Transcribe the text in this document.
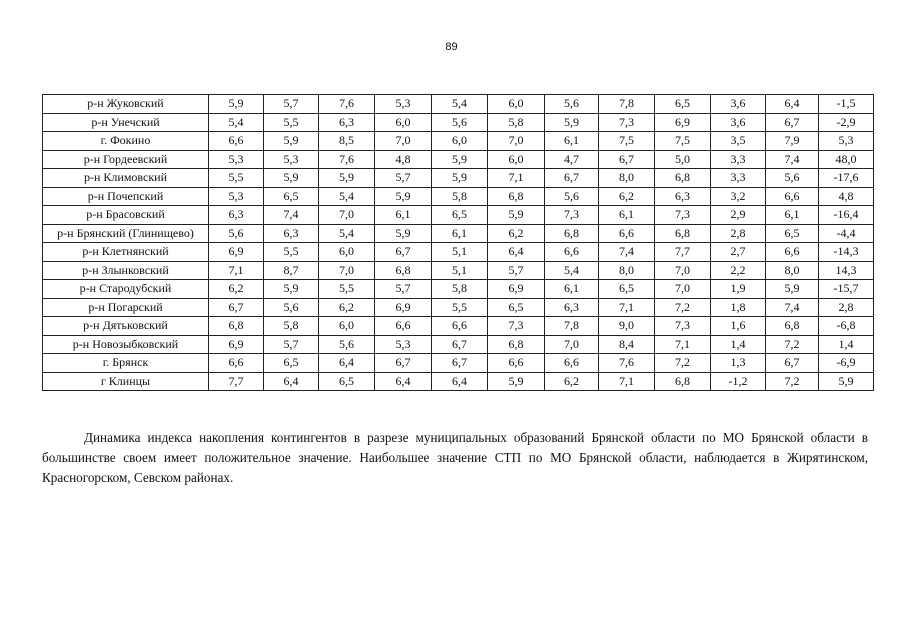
89
р-н Жуковский	5,9	5,7	7,6	5,3	5,4	6,0	5,6	7,8	6,5	3,6	6,4	-1,5
р-н Унечский	5,4	5,5	6,3	6,0	5,6	5,8	5,9	7,3	6,9	3,6	6,7	-2,9
г. Фокино	6,6	5,9	8,5	7,0	6,0	7,0	6,1	7,5	7,5	3,5	7,9	5,3
р-н Гордеевский	5,3	5,3	7,6	4,8	5,9	6,0	4,7	6,7	5,0	3,3	7,4	48,0
р-н Климовский	5,5	5,9	5,9	5,7	5,9	7,1	6,7	8,0	6,8	3,3	5,6	-17,6
р-н Почепский	5,3	6,5	5,4	5,9	5,8	6,8	5,6	6,2	6,3	3,2	6,6	4,8
р-н Брасовский	6,3	7,4	7,0	6,1	6,5	5,9	7,3	6,1	7,3	2,9	6,1	-16,4
р-н Брянский (Глинищево)	5,6	6,3	5,4	5,9	6,1	6,2	6,8	6,6	6,8	2,8	6,5	-4,4
р-н Клетнянский	6,9	5,5	6,0	6,7	5,1	6,4	6,6	7,4	7,7	2,7	6,6	-14,3
р-н Злынковский	7,1	8,7	7,0	6,8	5,1	5,7	5,4	8,0	7,0	2,2	8,0	14,3
р-н Стародубский	6,2	5,9	5,5	5,7	5,8	6,9	6,1	6,5	7,0	1,9	5,9	-15,7
р-н Погарский	6,7	5,6	6,2	6,9	5,5	6,5	6,3	7,1	7,2	1,8	7,4	2,8
р-н Дятьковский	6,8	5,8	6,0	6,6	6,6	7,3	7,8	9,0	7,3	1,6	6,8	-6,8
р-н Новозыбковский	6,9	5,7	5,6	5,3	6,7	6,8	7,0	8,4	7,1	1,4	7,2	1,4
г. Брянск	6,6	6,5	6,4	6,7	6,7	6,6	6,6	7,6	7,2	1,3	6,7	-6,9
г Клинцы	7,7	6,4	6,5	6,4	6,4	5,9	6,2	7,1	6,8	-1,2	7,2	5,9
Динамика индекса накопления контингентов в разрезе муниципальных образований Брянской области по МО Брянской области в большинстве своем имеет положительное значение. Наибольшее значение СТП по МО Брянской области, наблюдается в Жирятинском, Красногорском, Севском районах.
